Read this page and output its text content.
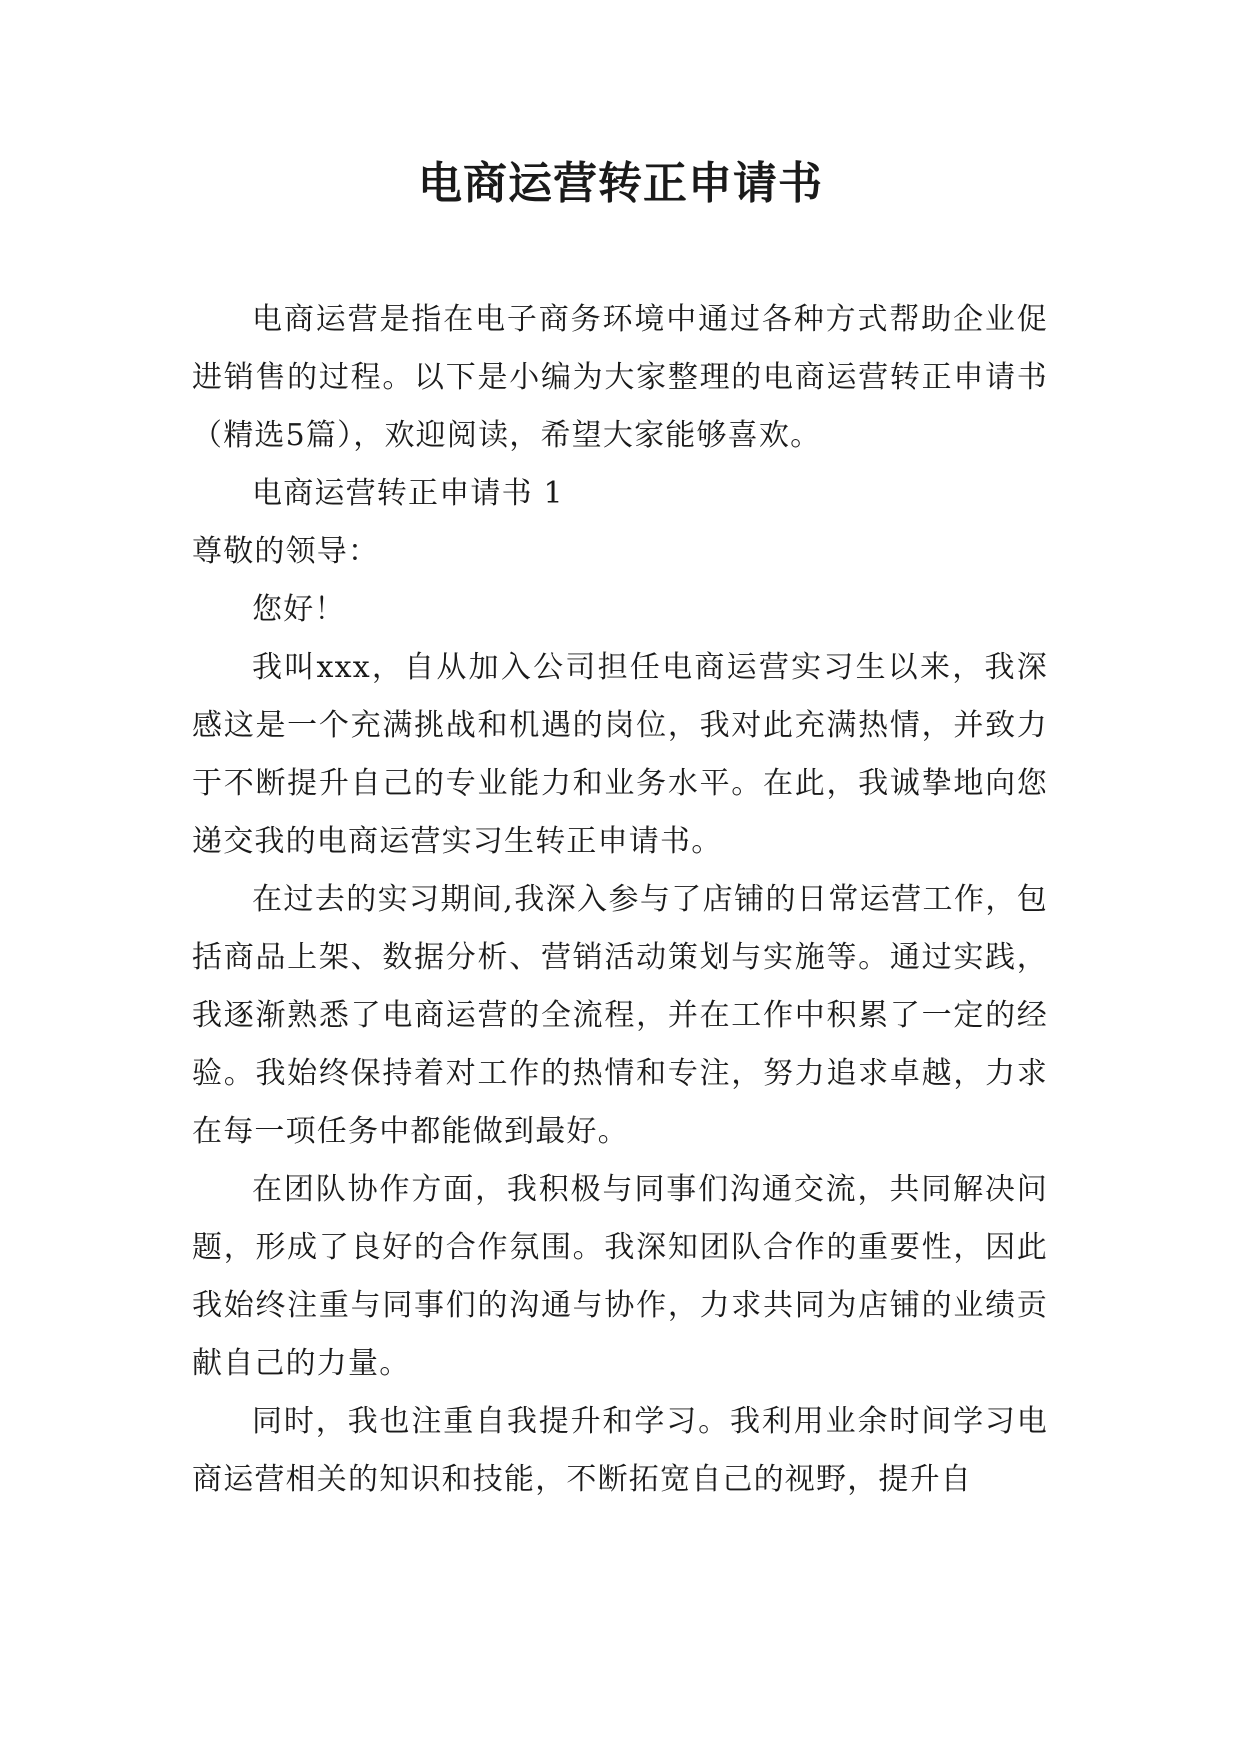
电商运营转正申请书

电商运营是指在电子商务环境中通过各种方式帮助企业促进销售的过程。以下是小编为大家整理的电商运营转正申请书（精选5篇），欢迎阅读，希望大家能够喜欢。

电商运营转正申请书 1

尊敬的领导：

您好！

我叫xxx，自从加入公司担任电商运营实习生以来，我深感这是一个充满挑战和机遇的岗位，我对此充满热情，并致力于不断提升自己的专业能力和业务水平。在此，我诚挚地向您递交我的电商运营实习生转正申请书。

在过去的实习期间,我深入参与了店铺的日常运营工作，包括商品上架、数据分析、营销活动策划与实施等。通过实践，我逐渐熟悉了电商运营的全流程，并在工作中积累了一定的经验。我始终保持着对工作的热情和专注，努力追求卓越，力求在每一项任务中都能做到最好。

在团队协作方面，我积极与同事们沟通交流，共同解决问题，形成了良好的合作氛围。我深知团队合作的重要性，因此我始终注重与同事们的沟通与协作，力求共同为店铺的业绩贡献自己的力量。

同时，我也注重自我提升和学习。我利用业余时间学习电商运营相关的知识和技能，不断拓宽自己的视野，提升自
